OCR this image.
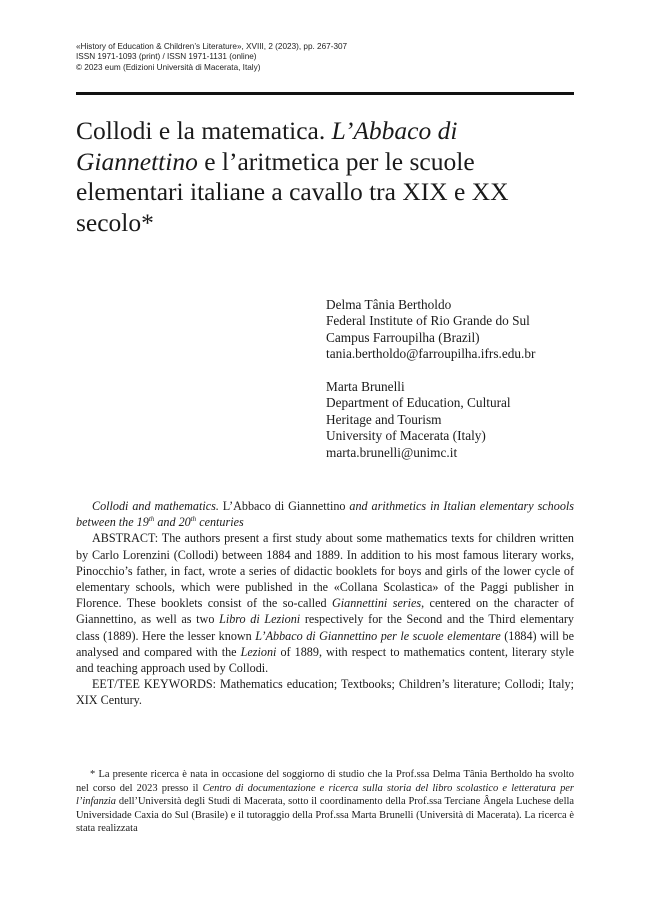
«History of Education & Children’s Literature», XVIII, 2 (2023), pp. 267-307
ISSN 1971-1093 (print) / ISSN 1971-1131 (online)
© 2023 eum (Edizioni Università di Macerata, Italy)
Collodi e la matematica. L’Abbaco di Giannettino e l’aritmetica per le scuole elementari italiane a cavallo tra XIX e XX secolo*
Delma Tânia Bertholdo
Federal Institute of Rio Grande do Sul
Campus Farroupilha (Brazil)
tania.bertholdo@farroupilha.ifrs.edu.br
Marta Brunelli
Department of Education, Cultural
Heritage and Tourism
University of Macerata (Italy)
marta.brunelli@unimc.it

Collodi and mathematics. L’Abbaco di Giannettino and arithmetics in Italian elementary schools between the 19th and 20th centuries

ABSTRACT: The authors present a first study about some mathematics texts for children written by Carlo Lorenzini (Collodi) between 1884 and 1889. In addition to his most famous literary works, Pinocchio’s father, in fact, wrote a series of didactic booklets for boys and girls of the lower cycle of elementary schools, which were published in the «Collana Scolastica» of the Paggi publisher in Florence. These booklets consist of the so-called Giannettini series, centered on the character of Giannettino, as well as two Libro di Lezioni respectively for the Second and the Third elementary class (1889). Here the lesser known L’Abbaco di Giannettino per le scuole elementare (1884) will be analysed and compared with the Lezioni of 1889, with respect to mathematics content, literary style and teaching approach used by Collodi.

EET/TEE KEYWORDS: Mathematics education; Textbooks; Children’s literature; Collodi; Italy; XIX Century.

* La presente ricerca è nata in occasione del soggiorno di studio che la Prof.ssa Delma Tânia Bertholdo ha svolto nel corso del 2023 presso il Centro di documentazione e ricerca sulla storia del libro scolastico e letteratura per l’infanzia dell’Università degli Studi di Macerata, sotto il coordinamento della Prof.ssa Terciane Ângela Luchese della Universidade Caxia do Sul (Brasile) e il tutoraggio della Prof.ssa Marta Brunelli (Università di Macerata). La ricerca è stata realizzata
